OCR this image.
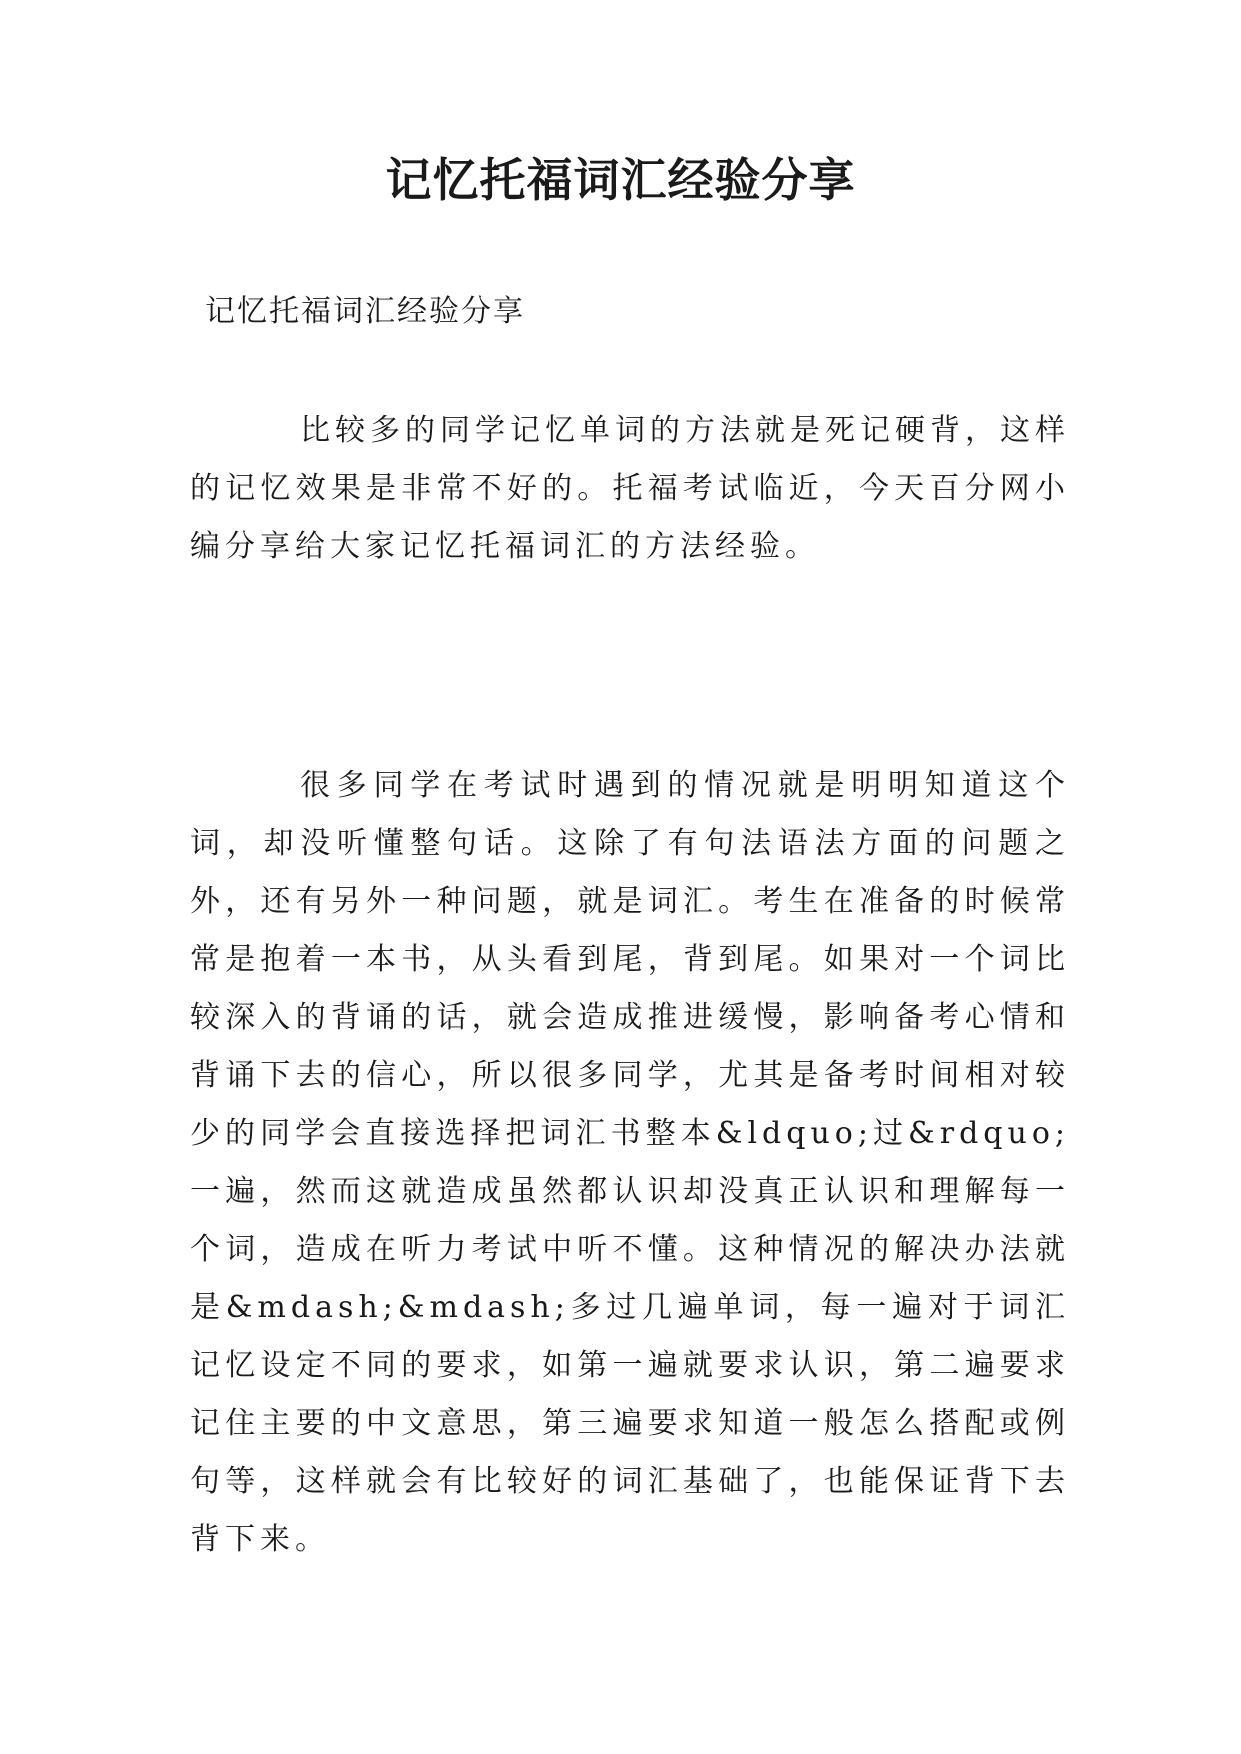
记忆托福词汇经验分享

记忆托福词汇经验分享

比较多的同学记忆单词的方法就是死记硬背，这样的记忆效果是非常不好的。托福考试临近，今天百分网小编分享给大家记忆托福词汇的方法经验。

很多同学在考试时遇到的情况就是明明知道这个词，却没听懂整句话。这除了有句法语法方面的问题之外，还有另外一种问题，就是词汇。考生在准备的时候常常是抱着一本书，从头看到尾，背到尾。如果对一个词比较深入的背诵的话，就会造成推进缓慢，影响备考心情和背诵下去的信心，所以很多同学，尤其是备考时间相对较少的同学会直接选择把词汇书整本&ldquo;过&rdquo;一遍，然而这就造成虽然都认识却没真正认识和理解每一个词，造成在听力考试中听不懂。这种情况的解决办法就是&mdash;&mdash;多过几遍单词，每一遍对于词汇记忆设定不同的要求，如第一遍就要求认识，第二遍要求记住主要的中文意思，第三遍要求知道一般怎么搭配或例句等，这样就会有比较好的词汇基础了，也能保证背下去背下来。
